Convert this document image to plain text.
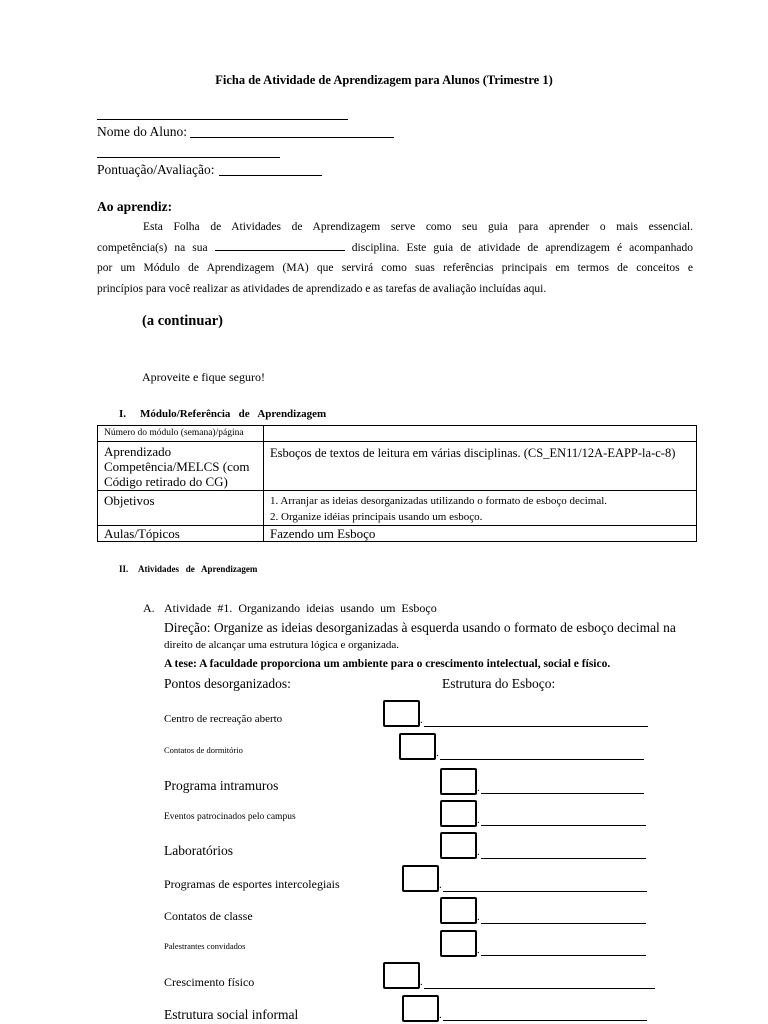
Ficha de Atividade de Aprendizagem para Alunos (Trimestre 1)
Nome do Aluno:
Pontuação/Avaliação:
Ao aprendiz:
Esta Folha de Atividades de Aprendizagem serve como seu guia para aprender o mais essencial.
competência(s) na sua	disciplina. Este guia de atividade de aprendizagem é acompanhado
por um Módulo de Aprendizagem (MA) que servirá como suas referências principais em termos de conceitos e
princípios para você realizar as atividades de aprendizado e as tarefas de avaliação incluídas aqui.
(a continuar)
Aproveite e fique seguro!
I. Módulo/Referência   de   Aprendizagem
Número do módulo (semana)/página	
Aprendizado Competência/MELCS (com Código retirado do CG)	Esboços de textos de leitura em várias disciplinas. (CS_EN11/12A-EAPP-la-c-8)
Objetivos	1. Arranjar as ideias desorganizadas utilizando o formato de esboço decimal.
2. Organize idéias principais usando um esboço.

Aulas/Tópicos	Fazendo um Esboço
II. Atividades   de   Aprendizagem
A. Atividade  #1.  Organizando  ideias  usando  um  Esboço
Direção: Organize as ideias desorganizadas à esquerda usando o formato de esboço decimal na
direito de alcançar uma estrutura lógica e organizada.
A tese: A faculdade proporciona um ambiente para o crescimento intelectual, social e físico.
Pontos desorganizados:	Estrutura do Esboço:
Centro de recreação aberto	.
Contatos de dormitório	.
Programa intramuros	.
Eventos patrocinados pelo campus	.
Laboratórios	.
Programas de esportes intercolegiais	.
Contatos de classe	.
Palestrantes convidados	.
Crescimento físico	.
Estrutura social informal	.
